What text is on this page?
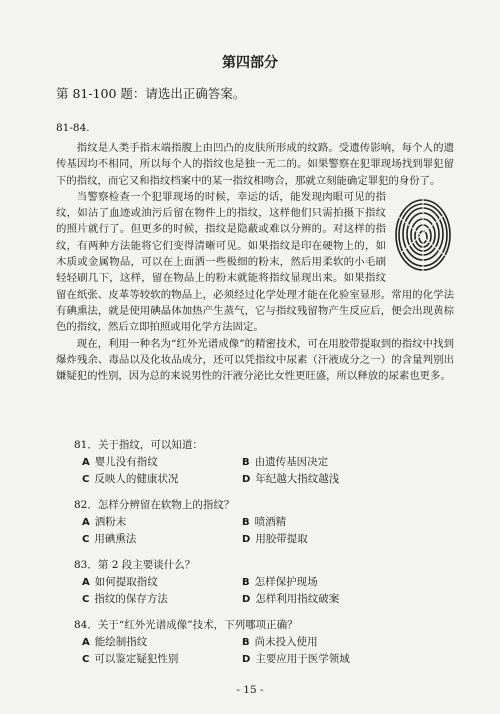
第四部分
第 81-100 题：请选出正确答案。
81-84.

指纹是人类手指末端指腹上由凹凸的皮肤所形成的纹路。受遗传影响，每个人的遗传基因均不相同，所以每个人的指纹也是独一无二的。如果警察在犯罪现场找到罪犯留下的指纹，而它又和指纹档案中的某一指纹相吻合，那就立刻能确定罪犯的身份了。

当警察检查一个犯罪现场的时候，幸运的话，能发现肉眼可见的指纹，如沾了血迹或油污后留在物件上的指纹，这样他们只需拍摄下指纹的照片就行了。但更多的时候，指纹是隐蔽或难以分辨的。对这样的指纹，有两种方法能将它们变得清晰可见。如果指纹是印在硬物上的，如木质或金属物品，可以在上面洒一些极细的粉末，然后用柔软的小毛刷轻轻刷几下，这样，留在物品上的粉末就能将指纹显现出来。如果指纹留在纸张、皮革等较软的物品上，必须经过化学处理才能在化验室显形。常用的化学法有碘熏法，就是使用碘晶体加热产生蒸气，它与指纹残留物产生反应后，便会出现黄棕色的指纹，然后立即拍照或用化学方法固定。

现在，利用一种名为“红外光谱成像”的精密技术，可在用胶带提取到的指纹中找到爆炸残余、毒品以及化妆品成分，还可以凭指纹中尿素（汗液成分之一）的含量判别出嫌疑犯的性别，因为总的来说男性的汗液分泌比女性更旺盛，所以释放的尿素也更多。

81．关于指纹，可以知道：
A 婴儿没有指纹	B 由遗传基因决定
C 反映人的健康状况	D 年纪越大指纹越浅
82．怎样分辨留在软物上的指纹？
A 洒粉末	B 喷酒精
C 用碘熏法	D 用胶带提取
83．第 2 段主要谈什么？
A 如何提取指纹	B 怎样保护现场
C 指纹的保存方法	D 怎样利用指纹破案
84．关于“红外光谱成像”技术，下列哪项正确？
A 能绘制指纹	B 尚未投入使用
C 可以鉴定疑犯性别	D 主要应用于医学领域
- 15 -
